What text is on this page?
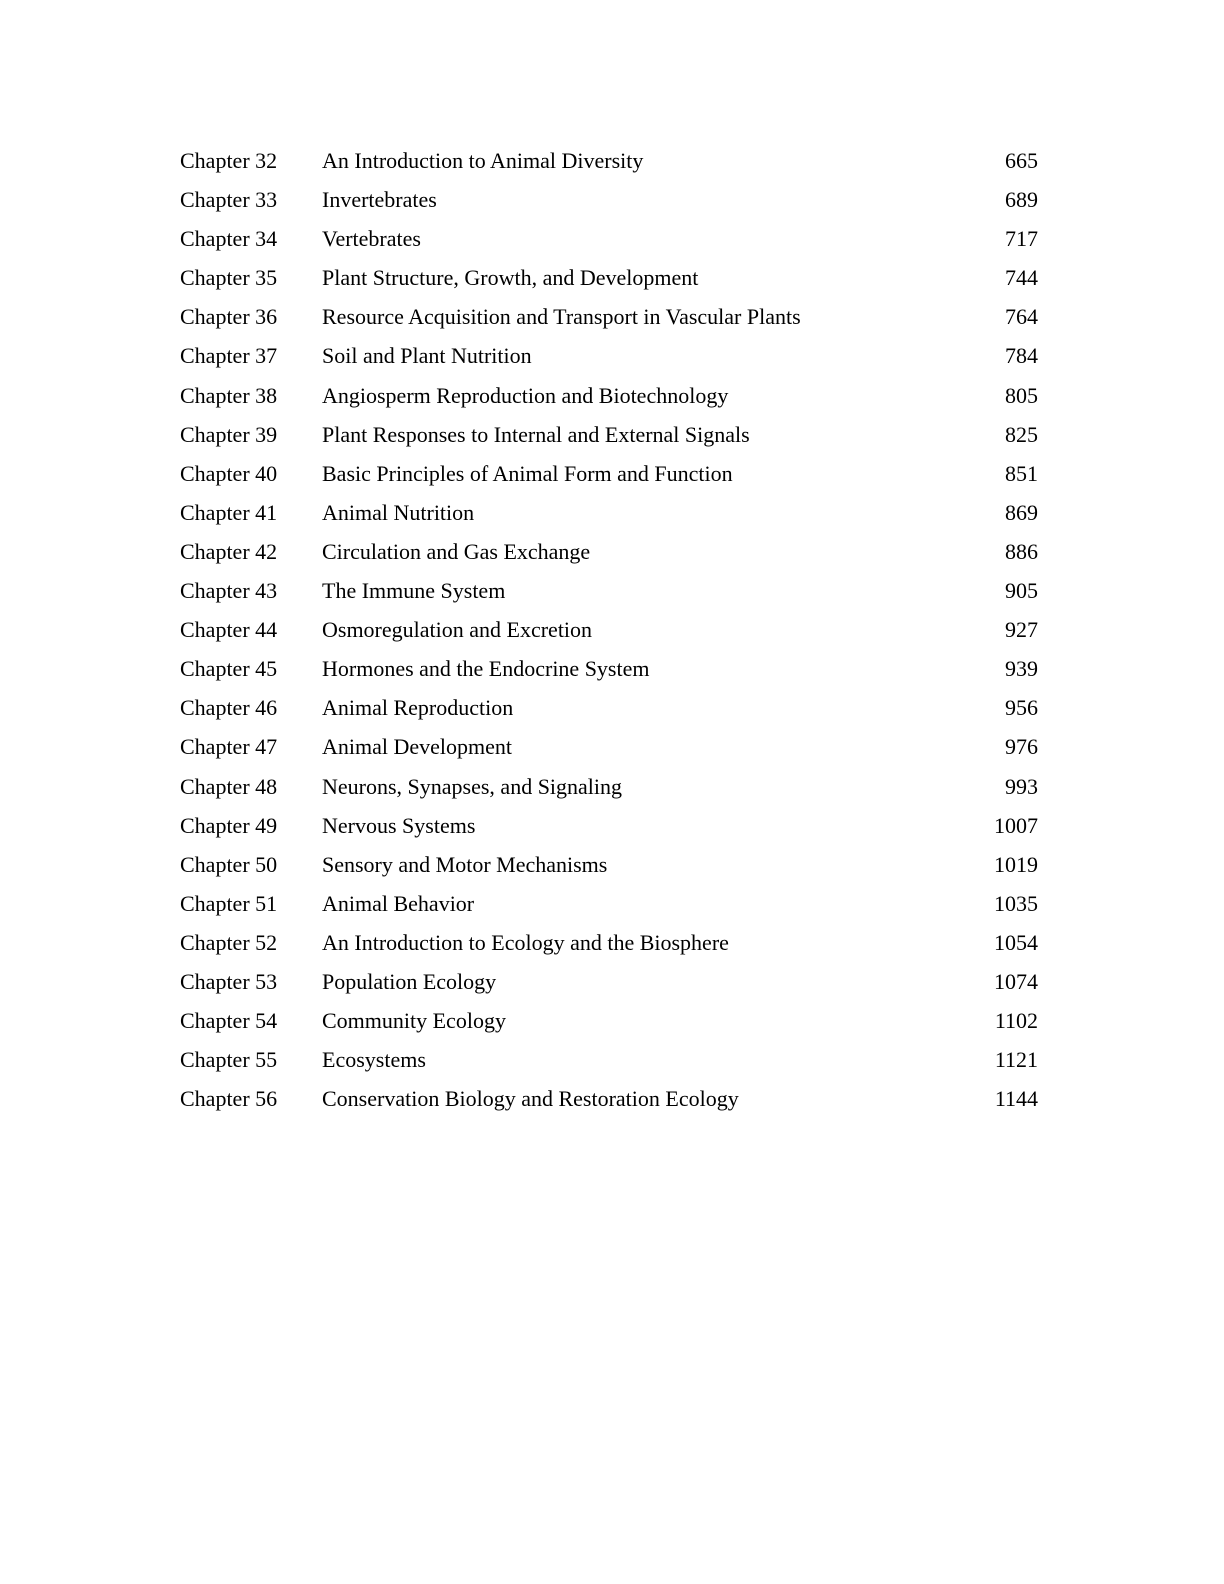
Chapter 32 An Introduction to Animal Diversity	665
Chapter 33 Invertebrates	689
Chapter 34 Vertebrates	717
Chapter 35 Plant Structure, Growth, and Development	744
Chapter 36 Resource Acquisition and Transport in Vascular Plants	764
Chapter 37 Soil and Plant Nutrition	784
Chapter 38 Angiosperm Reproduction and Biotechnology	805
Chapter 39 Plant Responses to Internal and External Signals	825
Chapter 40 Basic Principles of Animal Form and Function	851
Chapter 41 Animal Nutrition	869
Chapter 42 Circulation and Gas Exchange	886
Chapter 43 The Immune System	905
Chapter 44 Osmoregulation and Excretion	927
Chapter 45 Hormones and the Endocrine System	939
Chapter 46 Animal Reproduction	956
Chapter 47 Animal Development	976
Chapter 48 Neurons, Synapses, and Signaling	993
Chapter 49 Nervous Systems	1007
Chapter 50 Sensory and Motor Mechanisms	1019
Chapter 51 Animal Behavior	1035
Chapter 52 An Introduction to Ecology and the Biosphere	1054
Chapter 53 Population Ecology	1074
Chapter 54 Community Ecology	1102
Chapter 55 Ecosystems	1121
Chapter 56 Conservation Biology and Restoration Ecology	1144
